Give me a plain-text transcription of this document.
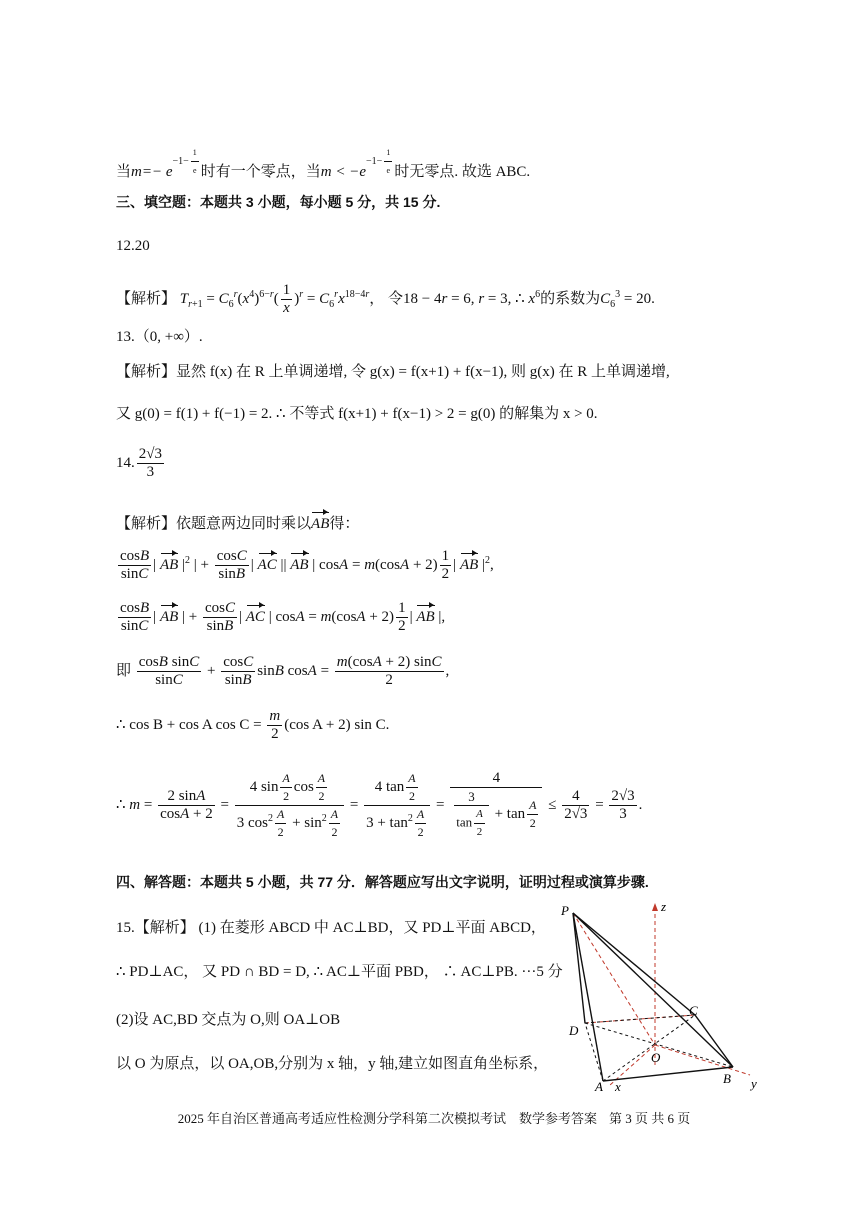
当$m=- e^{-1- \frac{1}{e}}$ 时有一个零点，当$m < -e^{-1- \frac{1}{e}}$ 时无零点. 故选 ABC.
三、填空题：本题共 3 小题，每小题 5 分，共 15 分.
12.20
【解析】 $T_{r+1} = C_6^r(x^4)^{6-r}( \frac{1}{x} )^r = C_6^rx^{18-4r}$， 令18 − 4r = 6, r = 3, ∴ $x^6$的系数为$C_6^3 = 20$.
13.（0, +∞）.
【解析】显然 f(x) 在 R 上单调递增, 令 g(x) = f(x+1) + f(x−1), 则 g(x) 在 R 上单调递增,
又 g(0) = f(1) + f(−1) = 2. ∴ 不等式 f(x+1) + f(x−1) > 2 = g(0) 的解集为 x > 0.
14. $\frac{2√3}{3}$
【解析】依题意两边同时乘以AB得：
$\frac{\cos B}{\sin C}$ | AB $|^2$ | + $\frac{\cos C}{\sin B}$ | AC || AB | $\cos A = m(\cos A + 2) \frac{1}{2}$ | AB $|^2$,
$\frac{\cos B}{\sin C}$ | AB | + $\frac{\cos C}{\sin B}$ | AC | $\cos A = m(\cos A + 2) \frac{1}{2}$ | AB |,
即 $\frac{\text{cosB sinC}}{\sin C} + \frac{\cos C}{\sin B}$ sinB $\cos A = \frac{m(\cos A + 2) \sin C}{2}$ ,
∴ cos B + cos A $\cos C = \frac{m}{2} (\cos$ A + 2) sin C.
∴ $m = \frac{2 \sin A}{\cos A + 2} = \frac{4 \sin \frac{A}{2} \cos \frac{A}{2}}{3 \cos^2 \frac{A}{2} + \sin^2 \frac{A}{2}} = \frac{4 \tan \frac{A}{2}}{3 + \tan^2 \frac{A}{2}} = \frac{4}{\frac{3}{\tan \frac{A}{2}} + \tan \frac{A}{2}} \le \frac{4}{2√3} = \frac{2√3}{3}$ .
四、解答题：本题共 5 小题，共 77 分．解答题应写出文字说明，证明过程或演算步骤.
15.【解析】 (1) 在菱形 ABCD 中 AC⊥BD，又 PD⊥平面 ABCD，
∴ PD⊥AC， 又 PD ∩ BD = D, ∴ AC⊥平面 PBD， ∴ AC⊥PB. ···5 分
(2)设 AC,BD 交点为 O,则 OA⊥OB
以 O 为原点，以 OA,OB,分别为 x 轴，y 轴,建立如图直角坐标系，
P	z
C
D
O
B y
A x
2025 年自治区普通高考适应性检测分学科第二次模拟考试　数学参考答案 第 3 页 共 6 页
